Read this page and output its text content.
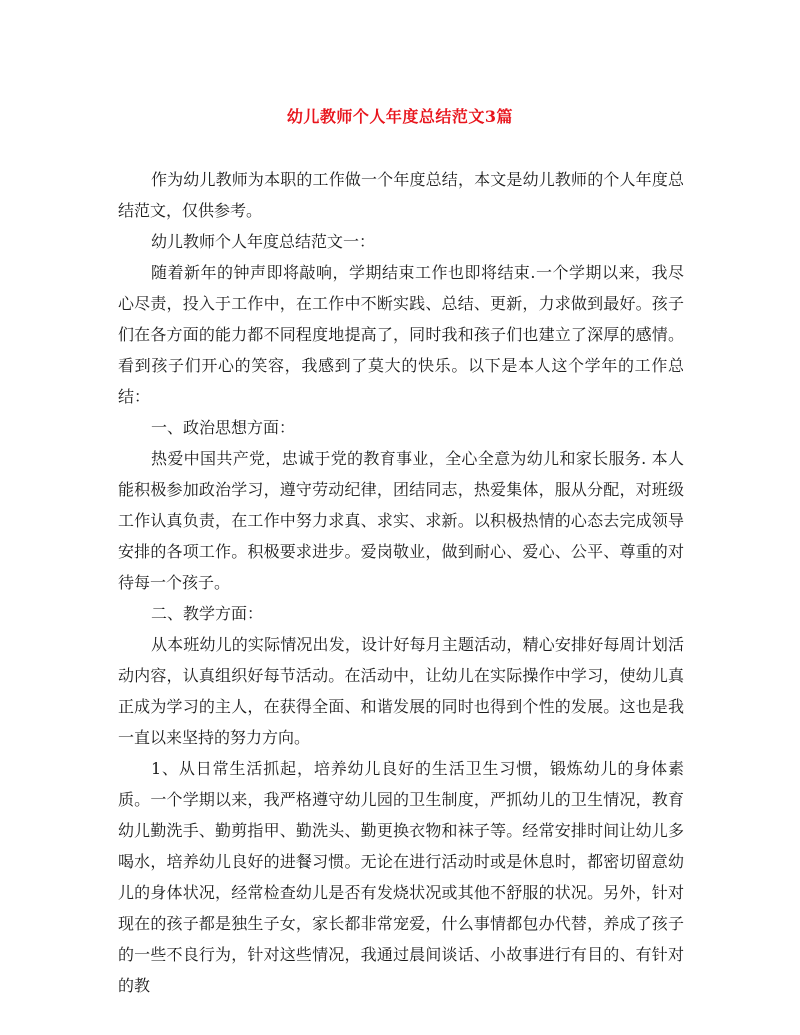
幼儿教师个人年度总结范文3篇

作为幼儿教师为本职的工作做一个年度总结，本文是幼儿教师的个人年度总结范文，仅供参考。

幼儿教师个人年度总结范文一：

随着新年的钟声即将敲响，学期结束工作也即将结束.一个学期以来，我尽心尽责，投入于工作中，在工作中不断实践、总结、更新，力求做到最好。孩子们在各方面的能力都不同程度地提高了，同时我和孩子们也建立了深厚的感情。看到孩子们开心的笑容，我感到了莫大的快乐。以下是本人这个学年的工作总结：

一、政治思想方面：

热爱中国共产党，忠诚于党的教育事业，全心全意为幼儿和家长服务. 本人能积极参加政治学习，遵守劳动纪律，团结同志，热爱集体，服从分配，对班级工作认真负责，在工作中努力求真、求实、求新。以积极热情的心态去完成领导安排的各项工作。积极要求进步。爱岗敬业，做到耐心、爱心、公平、尊重的对待每一个孩子。

二、教学方面：

从本班幼儿的实际情况出发，设计好每月主题活动，精心安排好每周计划活动内容，认真组织好每节活动。在活动中，让幼儿在实际操作中学习，使幼儿真正成为学习的主人，在获得全面、和谐发展的同时也得到个性的发展。这也是我一直以来坚持的努力方向。

1、从日常生活抓起，培养幼儿良好的生活卫生习惯，锻炼幼儿的身体素质。一个学期以来，我严格遵守幼儿园的卫生制度，严抓幼儿的卫生情况，教育幼儿勤洗手、勤剪指甲、勤洗头、勤更换衣物和袜子等。经常安排时间让幼儿多喝水，培养幼儿良好的进餐习惯。无论在进行活动时或是休息时，都密切留意幼儿的身体状况，经常检查幼儿是否有发烧状况或其他不舒服的状况。另外，针对现在的孩子都是独生子女，家长都非常宠爱，什么事情都包办代替，养成了孩子的一些不良行为，针对这些情况，我通过晨间谈话、小故事进行有目的、有针对的教
